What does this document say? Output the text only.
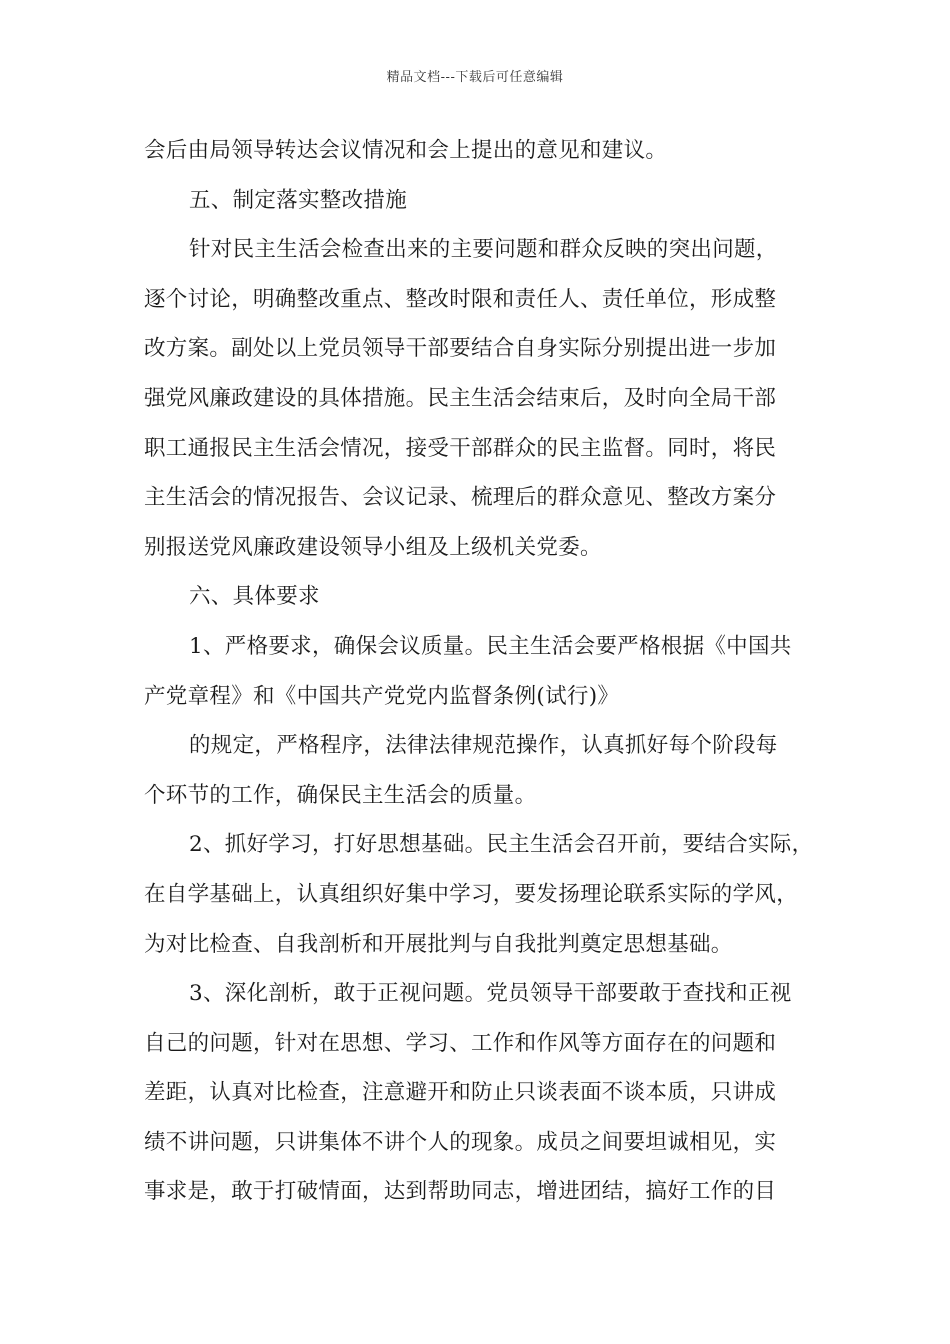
精品文档---下载后可任意编辑
会后由局领导转达会议情况和会上提出的意见和建议。
五、制定落实整改措施
针对民主生活会检查出来的主要问题和群众反映的突出问题，
逐个讨论，明确整改重点、整改时限和责任人、责任单位，形成整
改方案。副处以上党员领导干部要结合自身实际分别提出进一步加
强党风廉政建设的具体措施。民主生活会结束后，及时向全局干部
职工通报民主生活会情况，接受干部群众的民主监督。同时，将民
主生活会的情况报告、会议记录、梳理后的群众意见、整改方案分
别报送党风廉政建设领导小组及上级机关党委。
六、具体要求
1、严格要求，确保会议质量。民主生活会要严格根据《中国共
产党章程》和《中国共产党党内监督条例(试行)》
的规定，严格程序，法律法律规范操作，认真抓好每个阶段每
个环节的工作，确保民主生活会的质量。
2、抓好学习，打好思想基础。民主生活会召开前，要结合实际，
在自学基础上，认真组织好集中学习，要发扬理论联系实际的学风，
为对比检查、自我剖析和开展批判与自我批判奠定思想基础。
3、深化剖析，敢于正视问题。党员领导干部要敢于查找和正视
自己的问题，针对在思想、学习、工作和作风等方面存在的问题和
差距，认真对比检查，注意避开和防止只谈表面不谈本质，只讲成
绩不讲问题，只讲集体不讲个人的现象。成员之间要坦诚相见，实
事求是，敢于打破情面，达到帮助同志，增进团结，搞好工作的目
